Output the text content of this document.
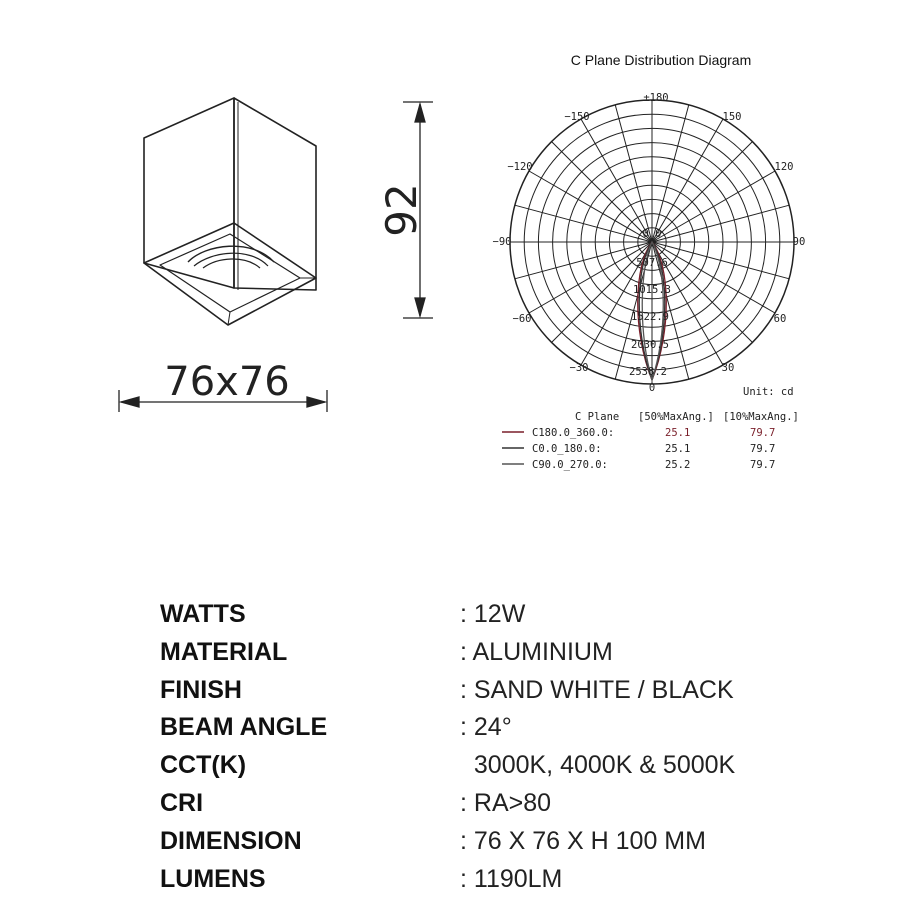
92
76x76
C Plane Distribution Diagram
±180
−150	150
−120	120
−90	90
−60	60
−30	30
0
0.0
507.6
1015.3
1522.9
2030.5
2538.2
Unit: cd
C Plane [50%MaxAng.] [10%MaxAng.]
C180.0_360.0:	25.1	79.7
C0.0_180.0:	25.1	79.7
C90.0_270.0:	25.2	79.7
WATTS	: 12W
MATERIAL	: ALUMINIUM
FINISH	: SAND WHITE / BLACK
BEAM ANGLE	: 24°
CCT(K)	3000K, 4000K & 5000K
CRI	: RA>80
DIMENSION	: 76 X 76 X H 100 MM
LUMENS	: 1190LM
